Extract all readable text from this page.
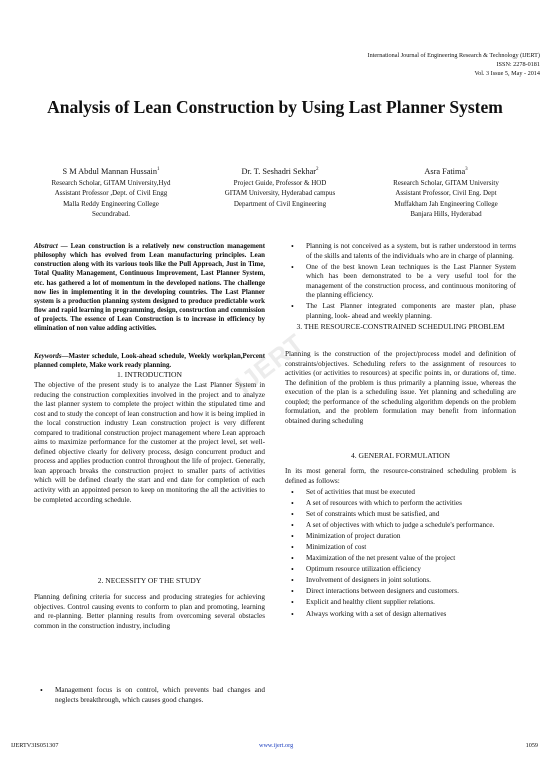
International Journal of Engineering Research & Technology (IJERT)
ISSN: 2278-0181
Vol. 3 Issue 5, May - 2014
Analysis of Lean Construction by Using Last Planner System
S M Abdul Mannan Hussain$^1$
Research Scholar, GITAM University,Hyd
Assistant Professor ,Dept. of Civil Engg
Malla Reddy Engineering College
Secundrabad.
Dr. T. Seshadri Sekhar$^2$
Project Guide, Professor & HOD
GITAM University, Hyderabad campus
Department of Civil Engineering
Asra Fatima$^3$
Research Scholar, GITAM University
Assistant Professor, Civil Eng. Dept
Muffakham Jah Engineering College
Banjara Hills, Hyderabad
Abstract — Lean construction is a relatively new construction management philosophy which has evolved from Lean manufacturing principles. Lean construction along with its various tools like the Pull Approach, Just in Time, Total Quality Management, Continuous Improvement, Last Planner System, etc. has gathered a lot of momentum in the developed nations. The challenge now lies in implementing it in the developing countries. The Last Planner system is a production planning system designed to produce predictable work flow and rapid learning in programming, design, construction and commission of projects. The essence of Lean Construction is to increase in efficiency by elimination of non value adding activities.
Keywords—Master schedule, Look-ahead schedule, Weekly workplan,Percent planned complete, Make work ready planning.
1. INTRODUCTION
The objective of the present study is to analyze the Last Planner System in reducing the construction complexities involved in the project and to analyze the last planner system to complete the project within the stipulated time and cost and to study the concept of lean construction and how it is being implied in the local construction industry Lean construction project is very different compared to traditional construction project management where Lean approach aims to maximize performance for the customer at the project level, set well-defined objective clearly for delivery process, design concurrent product and process and applies production control throughout the life of project. Generally, lean approach breaks the construction project to smaller parts of activities which will be defined clearly the start and end date for completion of each activity with an appointed person to keep on monitoring the all the activities to be completed according schedule.
2. NECESSITY OF THE STUDY
Planning defining criteria for success and producing strategies for achieving objectives. Control causing events to conform to plan and promoting, learning and re-planning. Better planning results from overcoming several obstacles common in the construction industry, including
• Management focus is on control, which prevents bad changes and neglects breakthrough, which causes good changes.
• Planning is not conceived as a system, but is rather understood in terms of the skills and talents of the individuals who are in charge of planning.
• One of the best known Lean techniques is the Last Planner System which has been demonstrated to be a very useful tool for the management of the construction process, and continuous monitoring of the planning efficiency.
• The Last Planner integrated components are master plan, phase planning, look- ahead and weekly planning.
3. THE RESOURCE-CONSTRAINED SCHEDULING PROBLEM
Planning is the construction of the project/process model and definition of constraints/objectives. Scheduling refers to the assignment of resources to activities (or activities to resources) at specific points in, or durations of, time. The definition of the problem is thus primarily a planning issue, whereas the execution of the plan is a scheduling issue. Yet planning and scheduling are coupled; the performance of the scheduling algorithm depends on the problem formulation, and the problem formulation may benefit from information obtained during scheduling
4. GENERAL FORMULATION
In its most general form, the resource-constrained scheduling problem is defined as follows:
• Set of activities that must be executed
• A set of resources with which to perform the activities
• Set of constraints which must be satisfied, and
• A set of objectives with which to judge a schedule's performance.
• Minimization of project duration
• Minimization of cost
• Maximization of the net present value of the project
• Optimum resource utilization efficiency
• Involvement of designers in joint solutions.
• Direct interactions between designers and customers.
• Explicit and healthy client supplier relations.
• Always working with a set of design alternatives
IJERT
IJERTV3IS051307	www.ijert.org	1059
